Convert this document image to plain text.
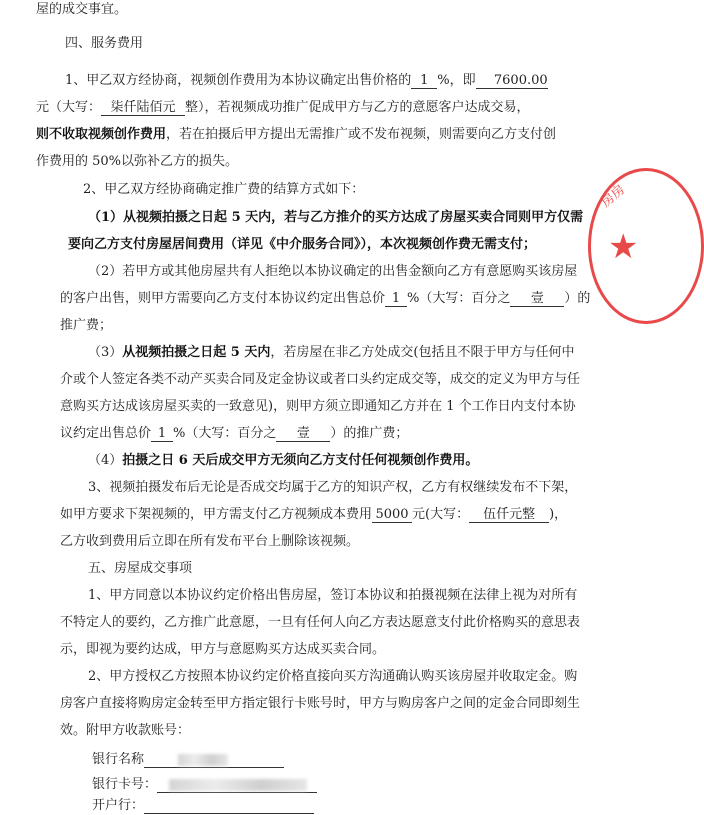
屋的成交事宜。
四、服务费用
1、甲乙双方经协商，视频创作费用为本协议确定出售价格的 1 %，即 7600.00
元（大写： 柒仟陆佰元 整），若视频成功推广促成甲方与乙方的意愿客户达成交易，
则不收取视频创作费用，若在拍摄后甲方提出无需推广或不发布视频，则需要向乙方支付创
作费用的 50%以弥补乙方的损失。
2、甲乙双方经协商确定推广费的结算方式如下：
（1）从视频拍摄之日起 5 天内，若与乙方推介的买方达成了房屋买卖合同则甲方仅需
要向乙方支付房屋居间费用（详见《中介服务合同》），本次视频创作费无需支付；
（2）若甲方或其他房屋共有人拒绝以本协议确定的出售金额向乙方有意愿购买该房屋
的客户出售，则甲方需要向乙方支付本协议约定出售总价 1 %（大写：百分之 壹 ）的
推广费；
（3）从视频拍摄之日起 5 天内，若房屋在非乙方处成交(包括且不限于甲方与任何中
介或个人签定各类不动产买卖合同及定金协议或者口头约定成交等，成交的定义为甲方与任
意购买方达成该房屋买卖的一致意见)，则甲方须立即通知乙方并在 1 个工作日内支付本协
议约定出售总价 1 %（大写：百分之 壹 ）的推广费；
（4）拍摄之日 6 天后成交甲方无须向乙方支付任何视频创作费用。
3、视频拍摄发布后无论是否成交均属于乙方的知识产权，乙方有权继续发布不下架，
如甲方要求下架视频的，甲方需支付乙方视频成本费用 5000 元(大写： 伍仟元整 )，
乙方收到费用后立即在所有发布平台上删除该视频。
五、房屋成交事项
1、甲方同意以本协议约定价格出售房屋，签订本协议和拍摄视频在法律上视为对所有
不特定人的要约，乙方推广此意愿，一旦有任何人向乙方表达愿意支付此价格购买的意思表
示，即视为要约达成，甲方与意愿购买方达成买卖合同。
2、甲方授权乙方按照本协议约定价格直接向买方沟通确认购买该房屋并收取定金。购
房客户直接将购房定金转至甲方指定银行卡账号时，甲方与购房客户之间的定金合同即刻生
效。附甲方收款账号：
银行名称

银行卡号：

开户行：
房房
★
